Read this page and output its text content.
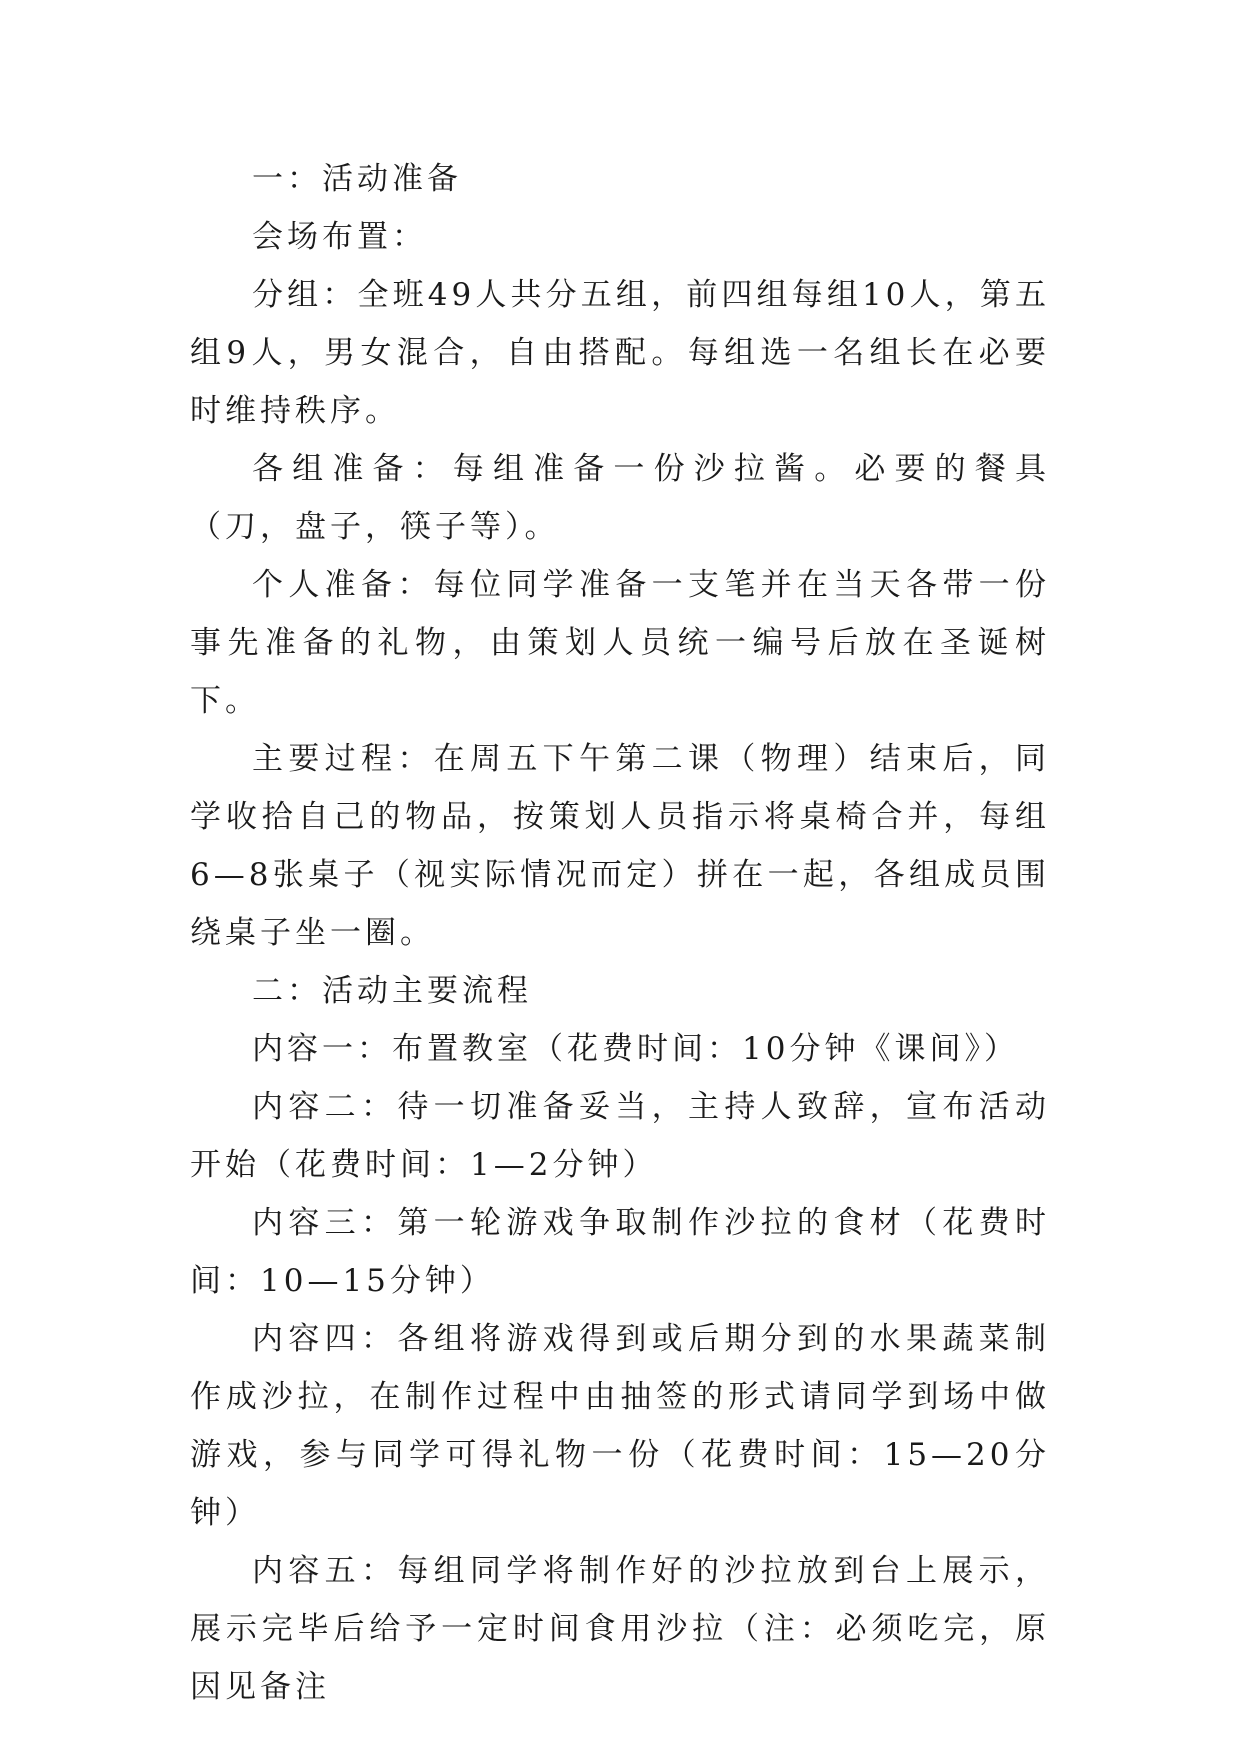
一：活动准备

会场布置：

分组：全班49人共分五组，前四组每组10人，第五组9人，男女混合，自由搭配。每组选一名组长在必要时维持秩序。

各组准备：每组准备一份沙拉酱。必要的餐具（刀，盘子，筷子等）。

个人准备：每位同学准备一支笔并在当天各带一份事先准备的礼物，由策划人员统一编号后放在圣诞树下。

主要过程：在周五下午第二课（物理）结束后，同学收拾自己的物品，按策划人员指示将桌椅合并，每组6—8张桌子（视实际情况而定）拼在一起，各组成员围绕桌子坐一圈。

二：活动主要流程

内容一：布置教室（花费时间：10分钟《课间》）

内容二：待一切准备妥当，主持人致辞，宣布活动开始（花费时间：1—2分钟）

内容三：第一轮游戏争取制作沙拉的食材（花费时间：10—15分钟）

内容四：各组将游戏得到或后期分到的水果蔬菜制作成沙拉，在制作过程中由抽签的形式请同学到场中做游戏，参与同学可得礼物一份（花费时间：15—20分钟）

内容五：每组同学将制作好的沙拉放到台上展示，展示完毕后给予一定时间食用沙拉（注：必须吃完，原因见备注
